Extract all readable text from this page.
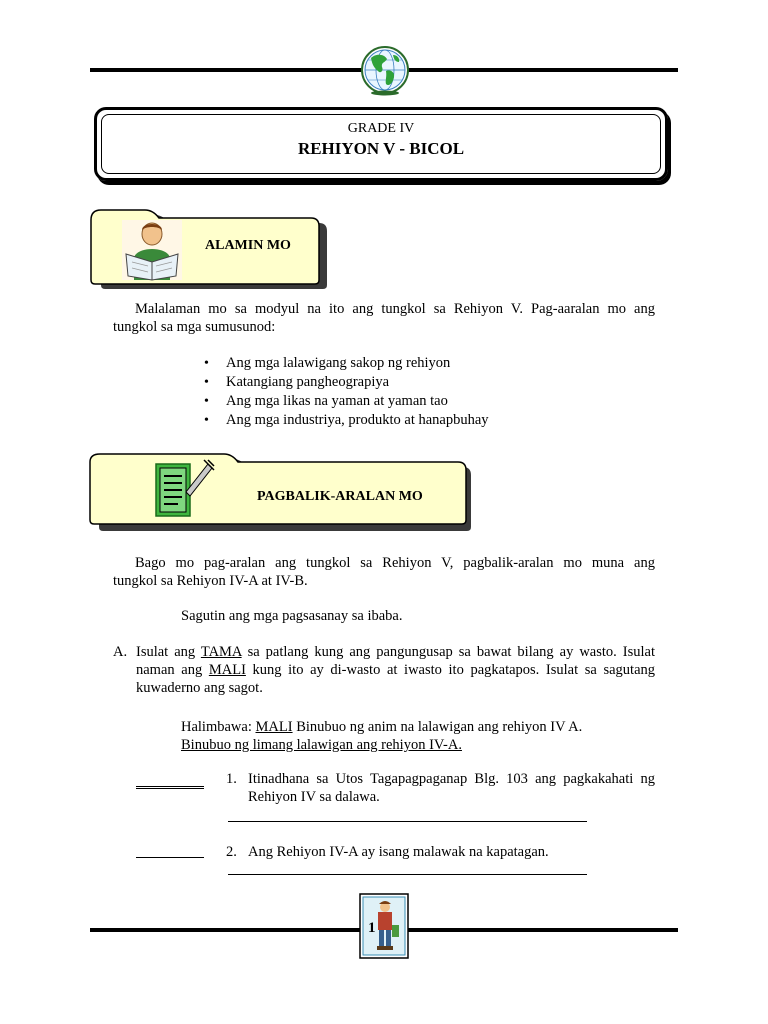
GRADE IV
REHIYON V - BICOL
ALAMIN MO
Malalaman mo sa modyul na ito ang tungkol sa Rehiyon V. Pag-aaralan mo ang
tungkol sa mga sumusunod:
• Ang mga lalawigang sakop ng rehiyon
• Katangiang pangheograpiya
• Ang mga likas na yaman at yaman tao
• Ang mga industriya, produkto at hanapbuhay
PAGBALIK-ARALAN MO
Bago mo pag-aralan ang tungkol sa Rehiyon V, pagbalik-aralan mo muna ang
tungkol sa Rehiyon IV-A at IV-B.
Sagutin ang mga pagsasanay sa ibaba.
A. Isulat ang TAMA sa patlang kung ang pangungusap sa bawat bilang ay wasto. Isulat
naman ang MALI kung ito ay di-wasto at iwasto ito pagkatapos. Isulat sa sagutang
kuwaderno ang sagot.
Halimbawa: MALI Binubuo ng anim na lalawigan ang rehiyon IV A.
Binubuo ng limang lalawigan ang rehiyon IV-A.
1. Itinadhana sa Utos Tagapagpaganap Blg. 103 ang pagkakahati ng
Rehiyon IV sa dalawa.
2. Ang Rehiyon IV-A ay isang malawak na kapatagan.
1
